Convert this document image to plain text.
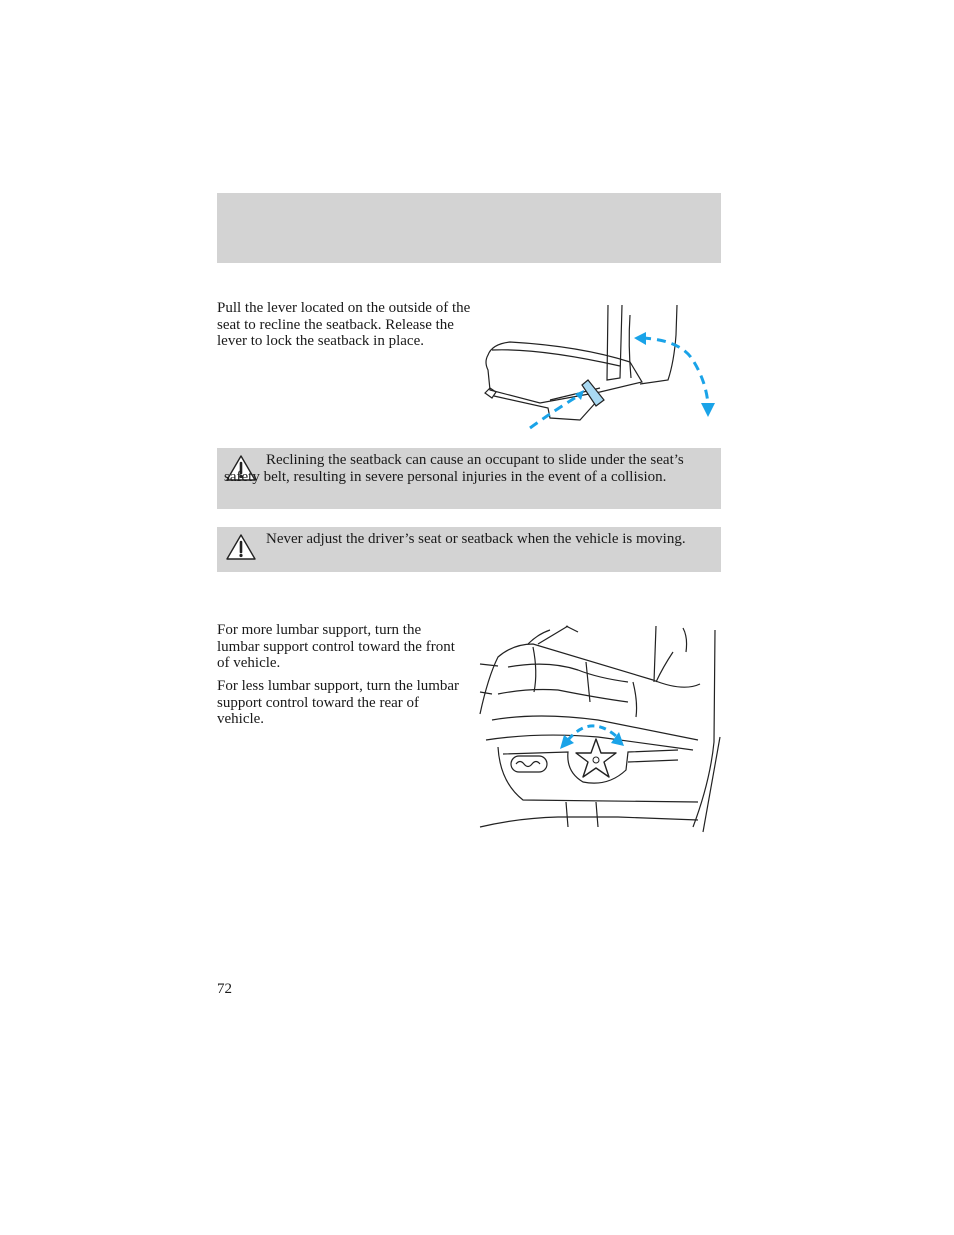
Pull the lever located on the outside of the seat to recline the seatback. Release the lever to lock the seatback in place.

Reclining the seatback can cause an occupant to slide under the seat’s safety belt, resulting in severe personal injuries in the event of a collision.

Never adjust the driver’s seat or seatback when the vehicle is moving.

For more lumbar support, turn the lumbar support control toward the front of vehicle.

For less lumbar support, turn the lumbar support control toward the rear of vehicle.

72
